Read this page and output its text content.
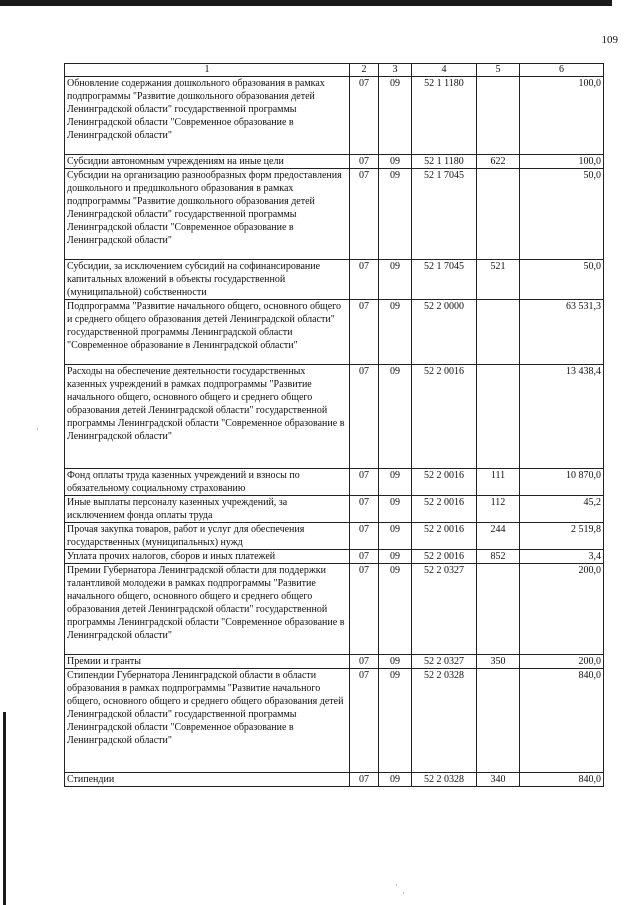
109
·
·
·
1	2	3	4	5	6
Обновление содержания дошкольного образования в рамках подпрограммы "Развитие дошкольного образования детей Ленинградской области" государственной программы Ленинградской области "Современное образование в Ленинградской области"	07	09	52 1 1180		100,0
Субсидии автономным учреждениям на иные цели	07	09	52 1 1180	622	100,0
Субсидии на организацию разнообразных форм предоставления дошкольного и предшкольного образования в рамках подпрограммы "Развитие дошкольного образования детей Ленинградской области" государственной программы Ленинградской области "Современное образование в Ленинградской области"	07	09	52 1 7045		50,0
Субсидии, за исключением субсидий на софинансирование капитальных вложений в объекты государственной (муниципальной) собственности	07	09	52 1 7045	521	50,0
Подпрограмма "Развитие начального общего, основного общего и среднего общего образования детей Ленинградской области" государственной программы Ленинградской области "Современное образование в Ленинградской области"	07	09	52 2 0000		63 531,3
Расходы на обеспечение деятельности государственных казенных учреждений в рамках подпрограммы "Развитие начального общего, основного общего и среднего общего образования детей Ленинградской области" государственной программы Ленинградской области "Современное образование в Ленинградской области"	07	09	52 2 0016		13 438,4
Фонд оплаты труда казенных учреждений и взносы по обязательному социальному страхованию	07	09	52 2 0016	111	10 870,0
Иные выплаты персоналу казенных учреждений, за исключением фонда оплаты труда	07	09	52 2 0016	112	45,2
Прочая закупка товаров, работ и услуг для обеспечения государственных (муниципальных) нужд	07	09	52 2 0016	244	2 519,8
Уплата прочих налогов, сборов и иных платежей	07	09	52 2 0016	852	3,4
Премии Губернатора Ленинградской области для поддержки талантливой молодежи в рамках подпрограммы "Развитие начального общего, основного общего и среднего общего образования детей Ленинградской области" государственной программы Ленинградской области "Современное образование в Ленинградской области"	07	09	52 2 0327		200,0
Премии и гранты	07	09	52 2 0327	350	200,0
Стипендии Губернатора Ленинградской области в области образования в рамках подпрограммы "Развитие начального общего, основного общего и среднего общего образования детей Ленинградской области" государственной программы Ленинградской области "Современное образование в Ленинградской области"	07	09	52 2 0328		840,0
Стипендии	07	09	52 2 0328	340	840,0
